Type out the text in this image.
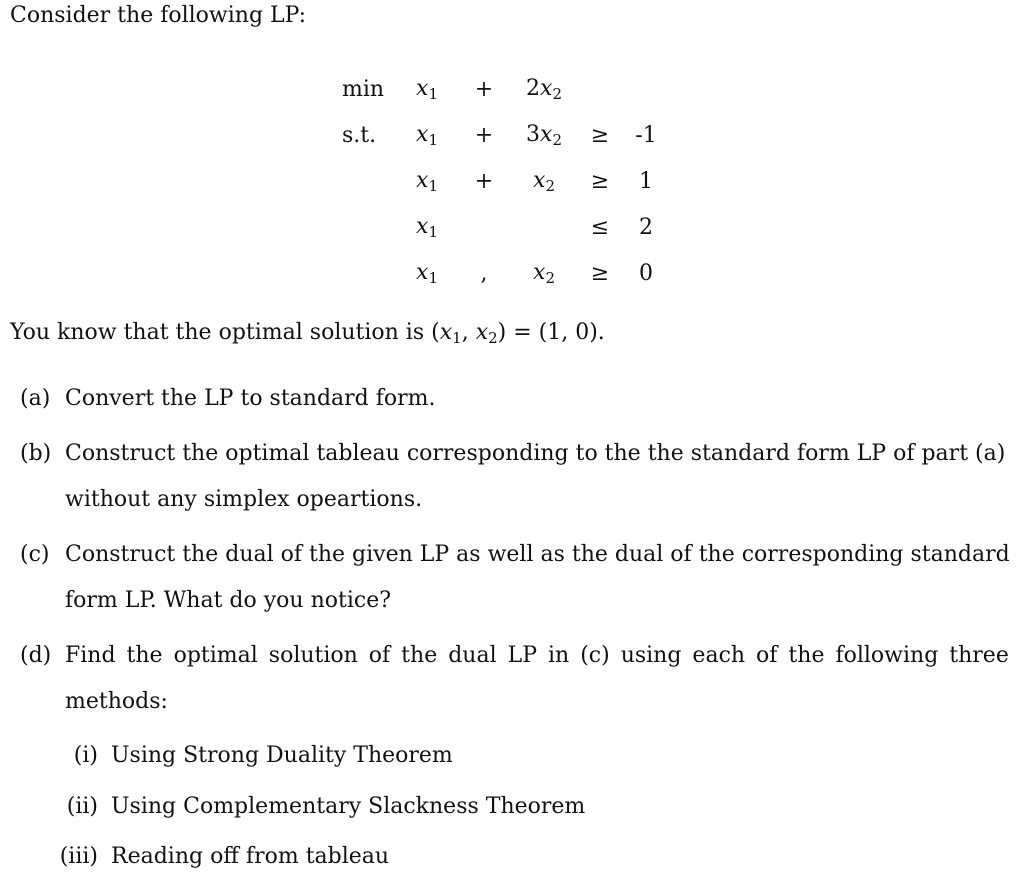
Consider the following LP:
min	$x_1$	+	$2x_2$		
s.t.	$x_1$	+	$3x_2$	≥	-1
	$x_1$	+	$x_2$	≥	1
	$x_1$			≤	2
	$x_1$	,	$x_2$	≥	0
You know that the optimal solution is ($x_1$, $x_2) = (1$, 0).
(a) Convert the LP to standard form.
(b) Construct the optimal tableau corresponding to the the standard form LP of part (a)
without any simplex opeartions.
(c) Construct the dual of the given LP as well as the dual of the corresponding standard
form LP. What do you notice?
(d) Find the optimal solution of the dual LP in (c) using each of the following three
methods:
(i) Using Strong Duality Theorem
(ii) Using Complementary Slackness Theorem
(iii) Reading off from tableau
